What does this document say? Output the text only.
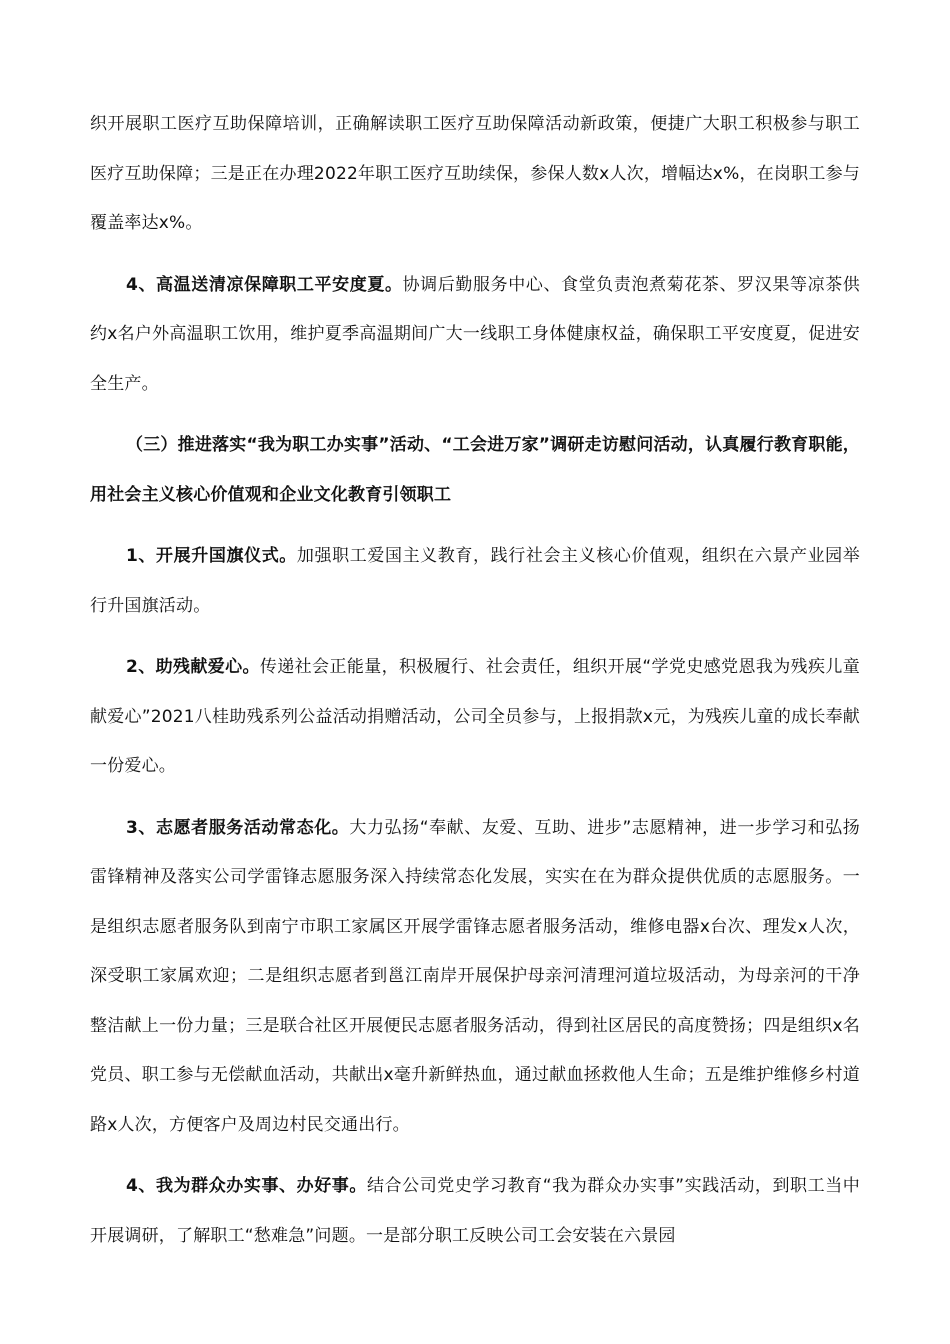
织开展职工医疗互助保障培训，正确解读职工医疗互助保障活动新政策，便捷广大职工积极参与职工医疗互助保障；三是正在办理2022年职工医疗互助续保，参保人数x人次，增幅达x%，在岗职工参与覆盖率达x%。

4、高温送清凉保障职工平安度夏。协调后勤服务中心、食堂负责泡煮菊花茶、罗汉果等凉茶供约x名户外高温职工饮用，维护夏季高温期间广大一线职工身体健康权益，确保职工平安度夏，促进安全生产。

（三）推进落实“我为职工办实事”活动、“工会进万家”调研走访慰问活动，认真履行教育职能，用社会主义核心价值观和企业文化教育引领职工

1、开展升国旗仪式。加强职工爱国主义教育，践行社会主义核心价值观，组织在六景产业园举行升国旗活动。

2、助残献爱心。传递社会正能量，积极履行、社会责任，组织开展“学党史感党恩我为残疾儿童献爱心”2021八桂助残系列公益活动捐赠活动，公司全员参与，上报捐款x元，为残疾儿童的成长奉献一份爱心。

3、志愿者服务活动常态化。大力弘扬“奉献、友爱、互助、进步”志愿精神，进一步学习和弘扬雷锋精神及落实公司学雷锋志愿服务深入持续常态化发展，实实在在为群众提供优质的志愿服务。一是组织志愿者服务队到南宁市职工家属区开展学雷锋志愿者服务活动，维修电器x台次、理发x人次，深受职工家属欢迎；二是组织志愿者到邕江南岸开展保护母亲河清理河道垃圾活动，为母亲河的干净整洁献上一份力量；三是联合社区开展便民志愿者服务活动，得到社区居民的高度赞扬；四是组织x名党员、职工参与无偿献血活动，共献出x毫升新鲜热血，通过献血拯救他人生命；五是维护维修乡村道路x人次，方便客户及周边村民交通出行。

4、我为群众办实事、办好事。结合公司党史学习教育“我为群众办实事”实践活动，到职工当中开展调研，了解职工“愁难急”问题。一是部分职工反映公司工会安装在六景园
